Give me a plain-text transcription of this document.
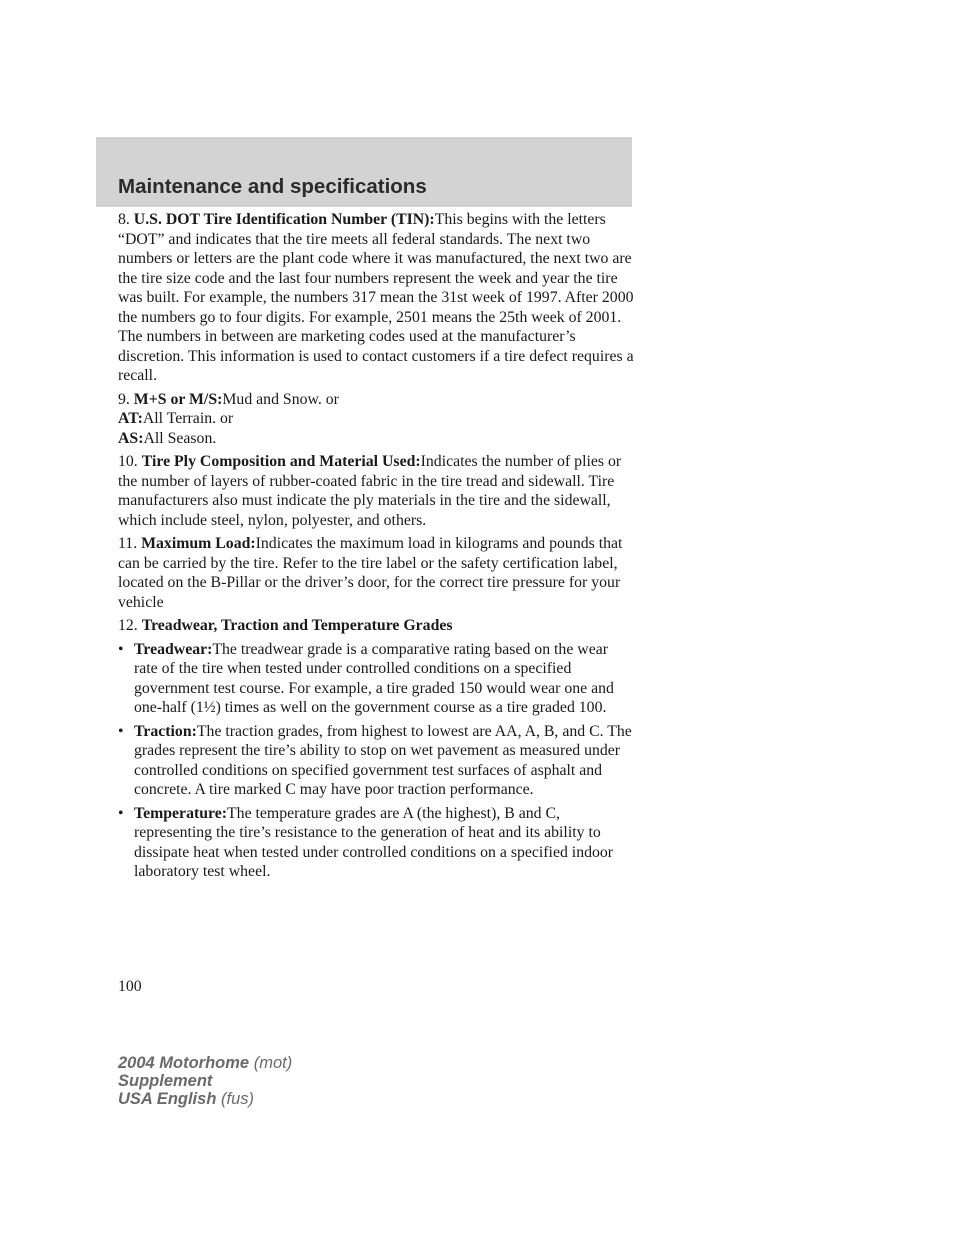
Maintenance and specifications

8. U.S. DOT Tire Identification Number (TIN):This begins with the letters “DOT” and indicates that the tire meets all federal standards. The next two numbers or letters are the plant code where it was manufactured, the next two are the tire size code and the last four numbers represent the week and year the tire was built. For example, the numbers 317 mean the 31st week of 1997. After 2000 the numbers go to four digits. For example, 2501 means the 25th week of 2001. The numbers in between are marketing codes used at the manufacturer’s discretion. This information is used to contact customers if a tire defect requires a recall.

9. M+S or M/S:Mud and Snow. or
AT:All Terrain. or
AS:All Season.

10. Tire Ply Composition and Material Used:Indicates the number of plies or the number of layers of rubber-coated fabric in the tire tread and sidewall. Tire manufacturers also must indicate the ply materials in the tire and the sidewall, which include steel, nylon, polyester, and others.

11. Maximum Load:Indicates the maximum load in kilograms and pounds that can be carried by the tire. Refer to the tire label or the safety certification label, located on the B-Pillar or the driver’s door, for the correct tire pressure for your vehicle

12. Treadwear, Traction and Temperature Grades

• Treadwear:The treadwear grade is a comparative rating based on the wear rate of the tire when tested under controlled conditions on a specified government test course. For example, a tire graded 150 would wear one and one-half (1½) times as well on the government course as a tire graded 100.
• Traction:The traction grades, from highest to lowest are AA, A, B, and C. The grades represent the tire’s ability to stop on wet pavement as measured under controlled conditions on specified government test surfaces of asphalt and concrete. A tire marked C may have poor traction performance.
• Temperature:The temperature grades are A (the highest), B and C, representing the tire’s resistance to the generation of heat and its ability to dissipate heat when tested under controlled conditions on a specified indoor laboratory test wheel.

100

2004 Motorhome (mot)
Supplement
USA English (fus)
